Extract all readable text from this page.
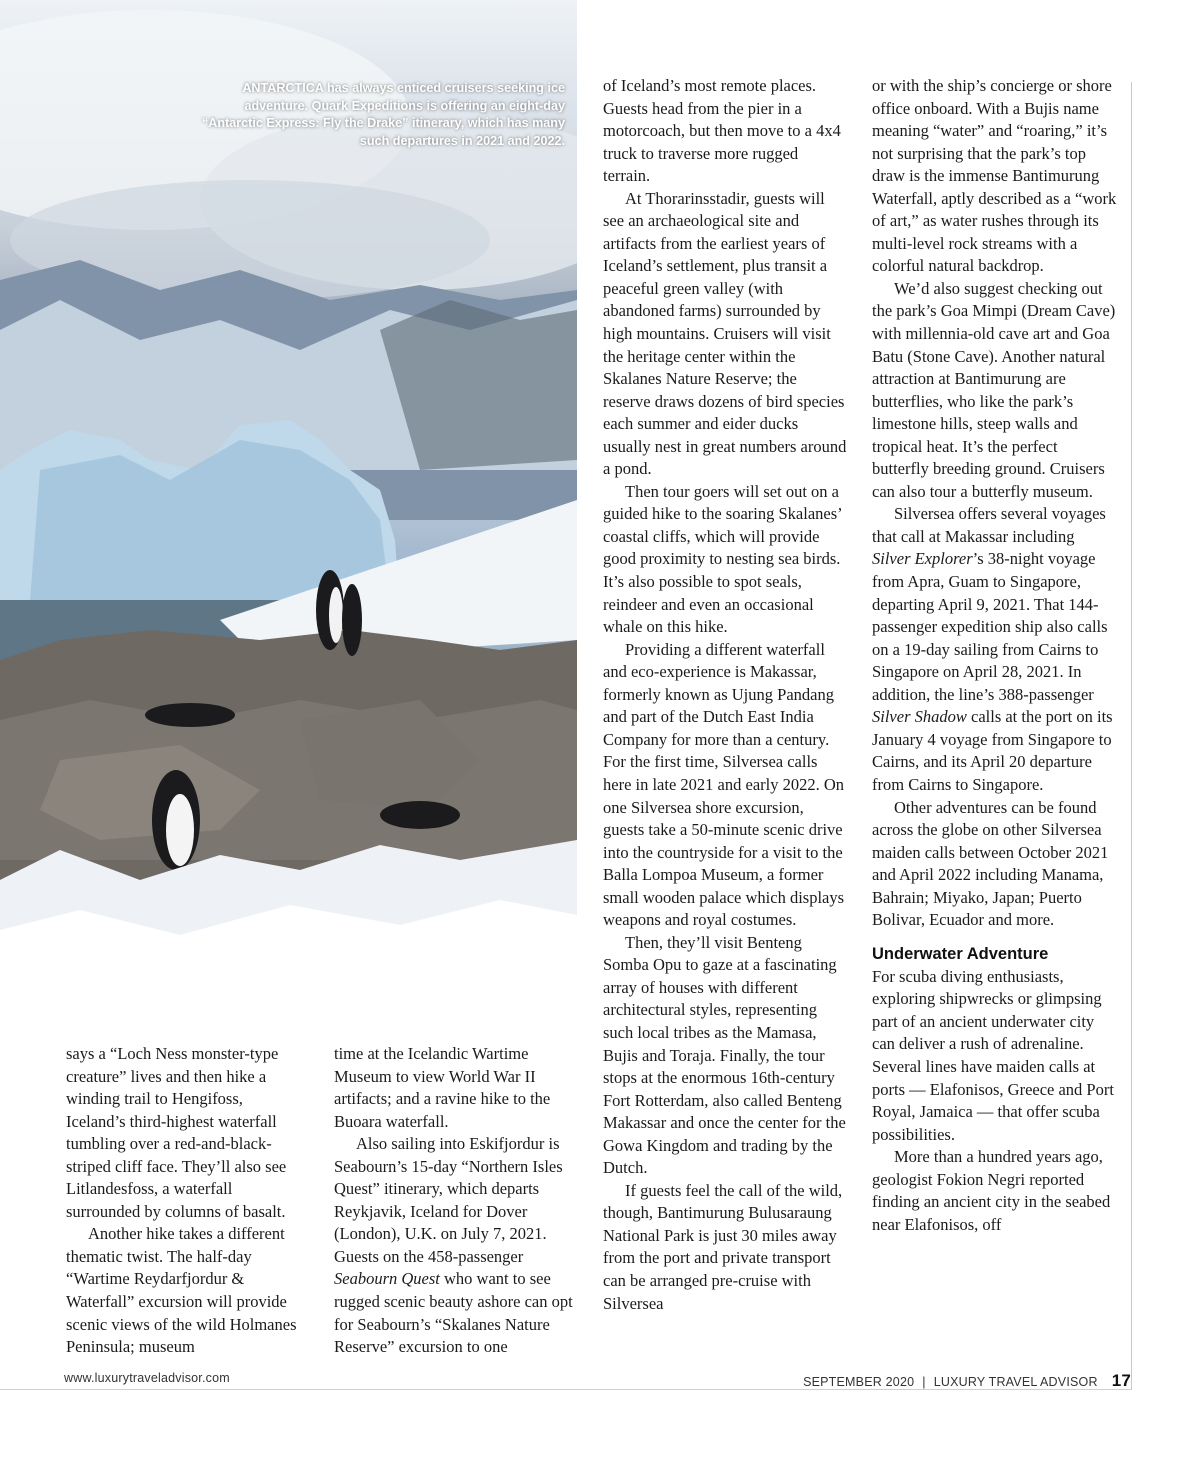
ANTARCTICA has always enticed cruisers seeking ice adventure. Quark Expeditions is offering an eight-day “Antarctic Express: Fly the Drake” itinerary, which has many such departures in 2021 and 2022.

says a “Loch Ness monster-type creature” lives and then hike a winding trail to Hengifoss, Iceland’s third-highest waterfall tumbling over a red-and-black-striped cliff face. They’ll also see Litlandesfoss, a waterfall surrounded by columns of basalt.

Another hike takes a different thematic twist. The half-day “Wartime Reydarfjordur & Waterfall” excursion will provide scenic views of the wild Holmanes Peninsula; museum

time at the Icelandic Wartime Museum to view World War II artifacts; and a ravine hike to the Buoara waterfall.

Also sailing into Eskifjordur is Seabourn’s 15-day “Northern Isles Quest” itinerary, which departs Reykjavik, Iceland for Dover (London), U.K. on July 7, 2021. Guests on the 458-passenger Seabourn Quest who want to see rugged scenic beauty ashore can opt for Seabourn’s “Skalanes Nature Reserve” excursion to one

of Iceland’s most remote places. Guests head from the pier in a motorcoach, but then move to a 4x4 truck to traverse more rugged terrain.

At Thorarinsstadir, guests will see an archaeological site and artifacts from the earliest years of Iceland’s settlement, plus transit a peaceful green valley (with abandoned farms) surrounded by high mountains. Cruisers will visit the heritage center within the Skalanes Nature Reserve; the reserve draws dozens of bird species each summer and eider ducks usually nest in great numbers around a pond.

Then tour goers will set out on a guided hike to the soaring Skalanes’ coastal cliffs, which will provide good proximity to nesting sea birds. It’s also possible to spot seals, reindeer and even an occasional whale on this hike.

Providing a different waterfall and eco-experience is Makassar, formerly known as Ujung Pandang and part of the Dutch East India Company for more than a century. For the first time, Silversea calls here in late 2021 and early 2022. On one Silversea shore excursion, guests take a 50-minute scenic drive into the countryside for a visit to the Balla Lompoa Museum, a former small wooden palace which displays weapons and royal costumes.

Then, they’ll visit Benteng Somba Opu to gaze at a fascinating array of houses with different architectural styles, representing such local tribes as the Mamasa, Bujis and Toraja. Finally, the tour stops at the enormous 16th-century Fort Rotterdam, also called Benteng Makassar and once the center for the Gowa Kingdom and trading by the Dutch.

If guests feel the call of the wild, though, Bantimurung Bulusaraung National Park is just 30 miles away from the port and private transport can be arranged pre-cruise with Silversea

or with the ship’s concierge or shore office onboard. With a Bujis name meaning “water” and “roaring,” it’s not surprising that the park’s top draw is the immense Bantimurung Waterfall, aptly described as a “work of art,” as water rushes through its multi-level rock streams with a colorful natural backdrop.

We’d also suggest checking out the park’s Goa Mimpi (Dream Cave) with millennia-old cave art and Goa Batu (Stone Cave). Another natural attraction at Bantimurung are butterflies, who like the park’s limestone hills, steep walls and tropical heat. It’s the perfect butterfly breeding ground. Cruisers can also tour a butterfly museum.

Silversea offers several voyages that call at Makassar including Silver Explorer’s 38-night voyage from Apra, Guam to Singapore, departing April 9, 2021. That 144-passenger expedition ship also calls on a 19-day sailing from Cairns to Singapore on April 28, 2021. In addition, the line’s 388-passenger Silver Shadow calls at the port on its January 4 voyage from Singapore to Cairns, and its April 20 departure from Cairns to Singapore.

Other adventures can be found across the globe on other Silversea maiden calls between October 2021 and April 2022 including Manama, Bahrain; Miyako, Japan; Puerto Bolivar, Ecuador and more.

Underwater Adventure

For scuba diving enthusiasts, exploring shipwrecks or glimpsing part of an ancient underwater city can deliver a rush of adrenaline. Several lines have maiden calls at ports — Elafonisos, Greece and Port Royal, Jamaica — that offer scuba possibilities.

More than a hundred years ago, geologist Fokion Negri reported finding an ancient city in the seabed near Elafonisos, off

www.luxurytraveladvisor.com	SEPTEMBER 2020 | LUXURY TRAVEL ADVISOR 17
